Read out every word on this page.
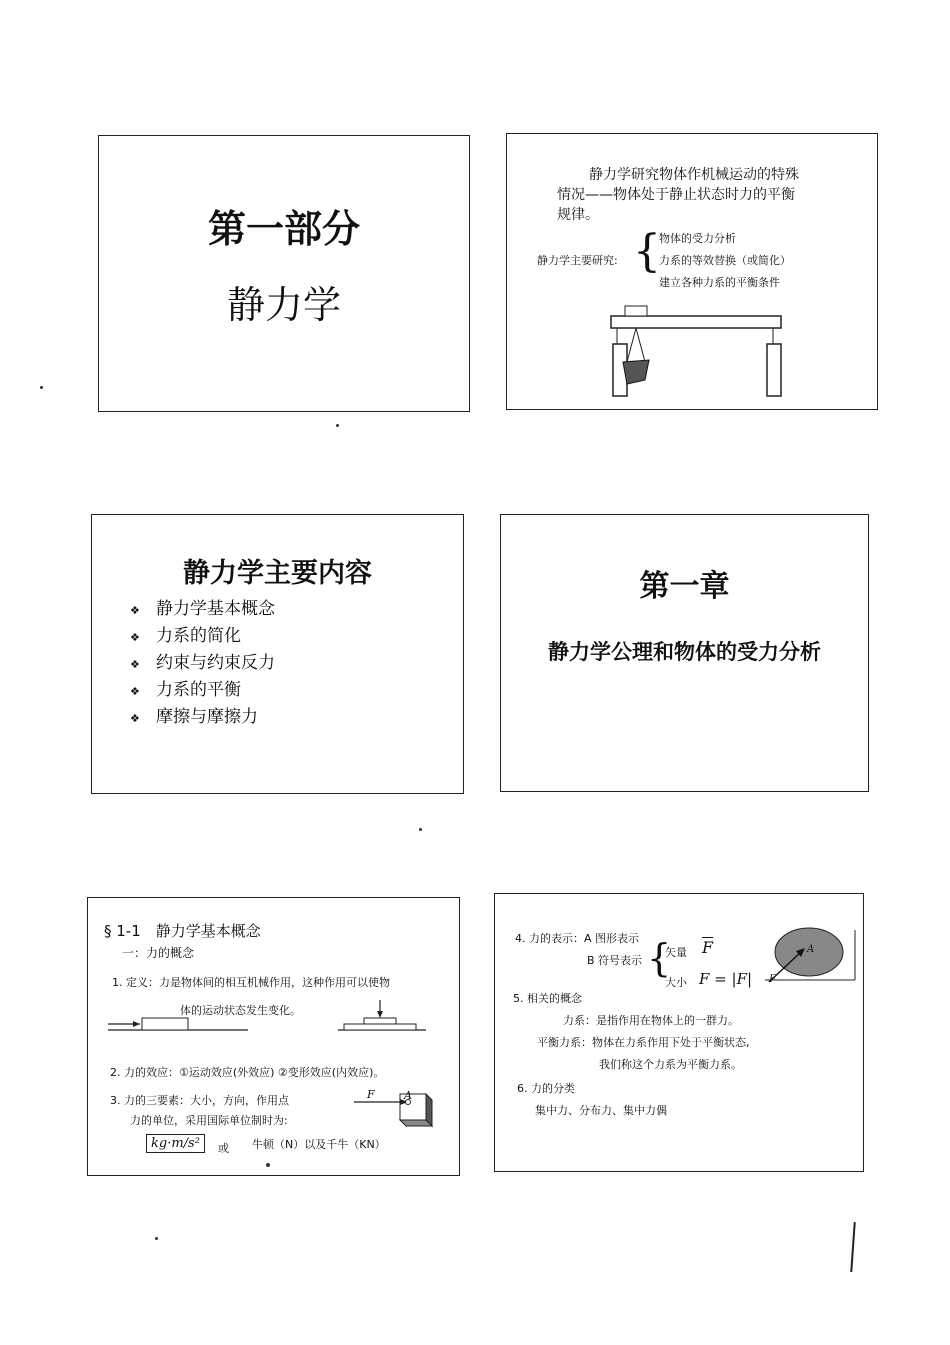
第一部分
静力学
静力学研究物体作机械运动的特殊
情况——物体处于静止状态时力的平衡
规律。
静力学主要研究: {
物体的受力分析
力系的等效替换（或简化）
建立各种力系的平衡条件
静力学主要内容
❖ 静力学基本概念
❖ 力系的简化
❖ 约束与约束反力
❖ 力系的平衡
❖ 摩擦与摩擦力
第一章
静力学公理和物体的受力分析
§ 1-1　静力学基本概念
一：力的概念
1. 定义：力是物体间的相互机械作用，这种作用可以使物
体的运动状态发生变化。
2. 力的效应：①运动效应(外效应) ②变形效应(内效应)。
3. 力的三要素：大小，方向，作用点
力的单位，采用国际单位制时为:
F	A
kg·m/s²	或 牛顿（N）以及千牛（KN）
4. 力的表示：A 图形表示
B 符号表示 {
矢量 $\overline{F}$
大小 F = |F|
A
F
5. 相关的概念
力系：是指作用在物体上的一群力。
平衡力系：物体在力系作用下处于平衡状态,
我们称这个力系为平衡力系。
6. 力的分类
集中力、分布力、集中力偶
